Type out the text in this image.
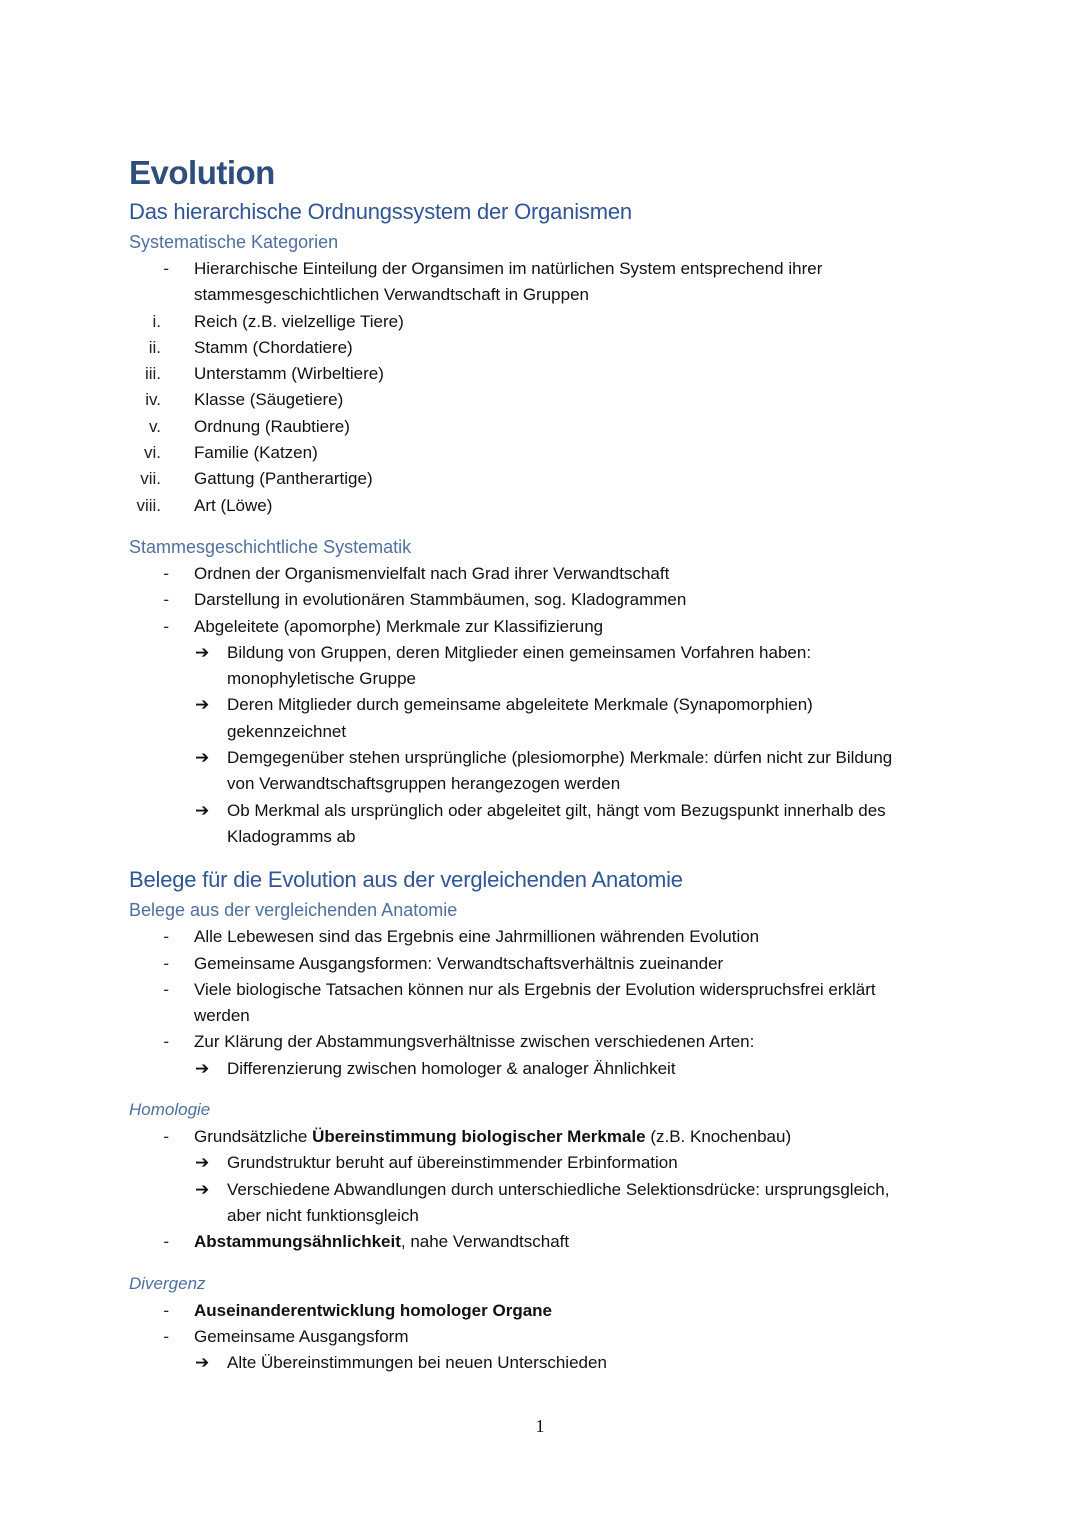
Evolution
Das hierarchische Ordnungssystem der Organismen
Systematische Kategorien
- Hierarchische Einteilung der Organsimen im natürlichen System entsprechend ihrer
stammesgeschichtlichen Verwandtschaft in Gruppen
i. Reich (z.B. vielzellige Tiere)
ii. Stamm (Chordatiere)
iii. Unterstamm (Wirbeltiere)
iv. Klasse (Säugetiere)
v. Ordnung (Raubtiere)
vi. Familie (Katzen)
vii. Gattung (Pantherartige)
viii. Art (Löwe)
Stammesgeschichtliche Systematik
- Ordnen der Organismenvielfalt nach Grad ihrer Verwandtschaft
- Darstellung in evolutionären Stammbäumen, sog. Kladogrammen
- Abgeleitete (apomorphe) Merkmale zur Klassifizierung
➔	Bildung von Gruppen, deren Mitglieder einen gemeinsamen Vorfahren haben:
monophyletische Gruppe
➔	Deren Mitglieder durch gemeinsame abgeleitete Merkmale (Synapomorphien)
gekennzeichnet
➔	Demgegenüber stehen ursprüngliche (plesiomorphe) Merkmale: dürfen nicht zur Bildung
von Verwandtschaftsgruppen herangezogen werden
➔	Ob Merkmal als ursprünglich oder abgeleitet gilt, hängt vom Bezugspunkt innerhalb des
Kladogramms ab
Belege für die Evolution aus der vergleichenden Anatomie
Belege aus der vergleichenden Anatomie
- Alle Lebewesen sind das Ergebnis eine Jahrmillionen währenden Evolution
- Gemeinsame Ausgangsformen: Verwandtschaftsverhältnis zueinander
- Viele biologische Tatsachen können nur als Ergebnis der Evolution widerspruchsfrei erklärt
werden
- Zur Klärung der Abstammungsverhältnisse zwischen verschiedenen Arten:
➔	Differenzierung zwischen homologer & analoger Ähnlichkeit
Homologie
- Grundsätzliche Übereinstimmung biologischer Merkmale (z.B. Knochenbau)
➔	Grundstruktur beruht auf übereinstimmender Erbinformation
➔	Verschiedene Abwandlungen durch unterschiedliche Selektionsdrücke: ursprungsgleich,
aber nicht funktionsgleich
- Abstammungsähnlichkeit, nahe Verwandtschaft
Divergenz
- Auseinanderentwicklung homologer Organe
- Gemeinsame Ausgangsform
➔	Alte Übereinstimmungen bei neuen Unterschieden
1
